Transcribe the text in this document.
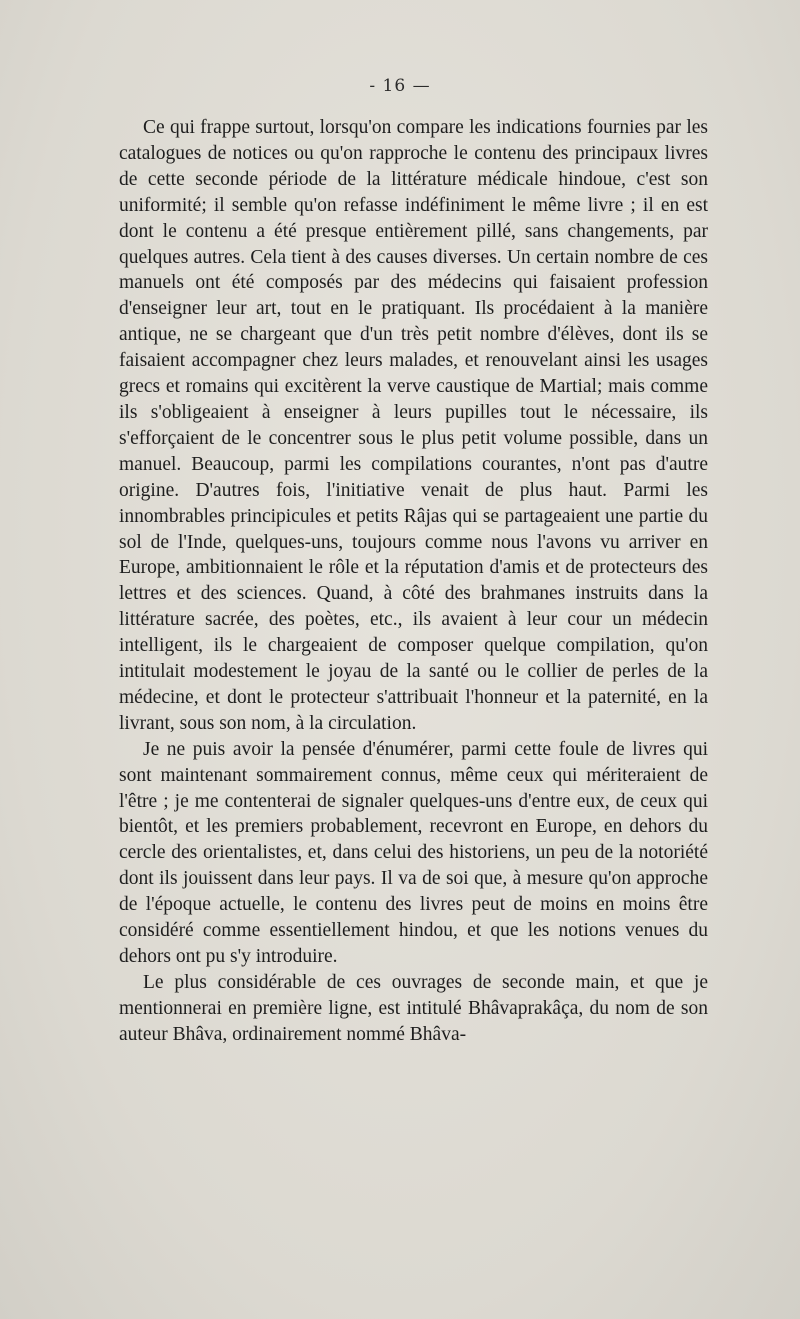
- 16 —

Ce qui frappe surtout, lorsqu'on compare les indications fournies par les catalogues de notices ou qu'on rapproche le contenu des principaux livres de cette seconde période de la littérature médicale hindoue, c'est son uniformité; il semble qu'on refasse indéfiniment le même livre ; il en est dont le contenu a été presque entièrement pillé, sans changements, par quelques autres. Cela tient à des causes diverses. Un certain nombre de ces manuels ont été composés par des médecins qui faisaient profession d'enseigner leur art, tout en le pratiquant. Ils procédaient à la manière antique, ne se chargeant que d'un très petit nombre d'élèves, dont ils se faisaient accompagner chez leurs malades, et renouvelant ainsi les usages grecs et romains qui excitèrent la verve caustique de Martial; mais comme ils s'obligeaient à enseigner à leurs pupilles tout le nécessaire, ils s'efforçaient de le concentrer sous le plus petit volume possible, dans un manuel. Beaucoup, parmi les compilations courantes, n'ont pas d'autre origine. D'autres fois, l'initiative venait de plus haut. Parmi les innombrables principicules et petits Râjas qui se partageaient une partie du sol de l'Inde, quelques-uns, toujours comme nous l'avons vu arriver en Europe, ambitionnaient le rôle et la réputation d'amis et de protecteurs des lettres et des sciences. Quand, à côté des brahmanes instruits dans la littérature sacrée, des poètes, etc., ils avaient à leur cour un médecin intelligent, ils le chargeaient de composer quelque compilation, qu'on intitulait modestement le joyau de la santé ou le collier de perles de la médecine, et dont le protecteur s'attribuait l'honneur et la paternité, en la livrant, sous son nom, à la circulation.

Je ne puis avoir la pensée d'énumérer, parmi cette foule de livres qui sont maintenant sommairement connus, même ceux qui mériteraient de l'être ; je me contenterai de signaler quelques-uns d'entre eux, de ceux qui bientôt, et les premiers probablement, recevront en Europe, en dehors du cercle des orientalistes, et, dans celui des historiens, un peu de la notoriété dont ils jouissent dans leur pays. Il va de soi que, à mesure qu'on approche de l'époque actuelle, le contenu des livres peut de moins en moins être considéré comme essentiellement hindou, et que les notions venues du dehors ont pu s'y introduire.

Le plus considérable de ces ouvrages de seconde main, et que je mentionnerai en première ligne, est intitulé Bhâvaprakâça, du nom de son auteur Bhâva, ordinairement nommé Bhâva-
